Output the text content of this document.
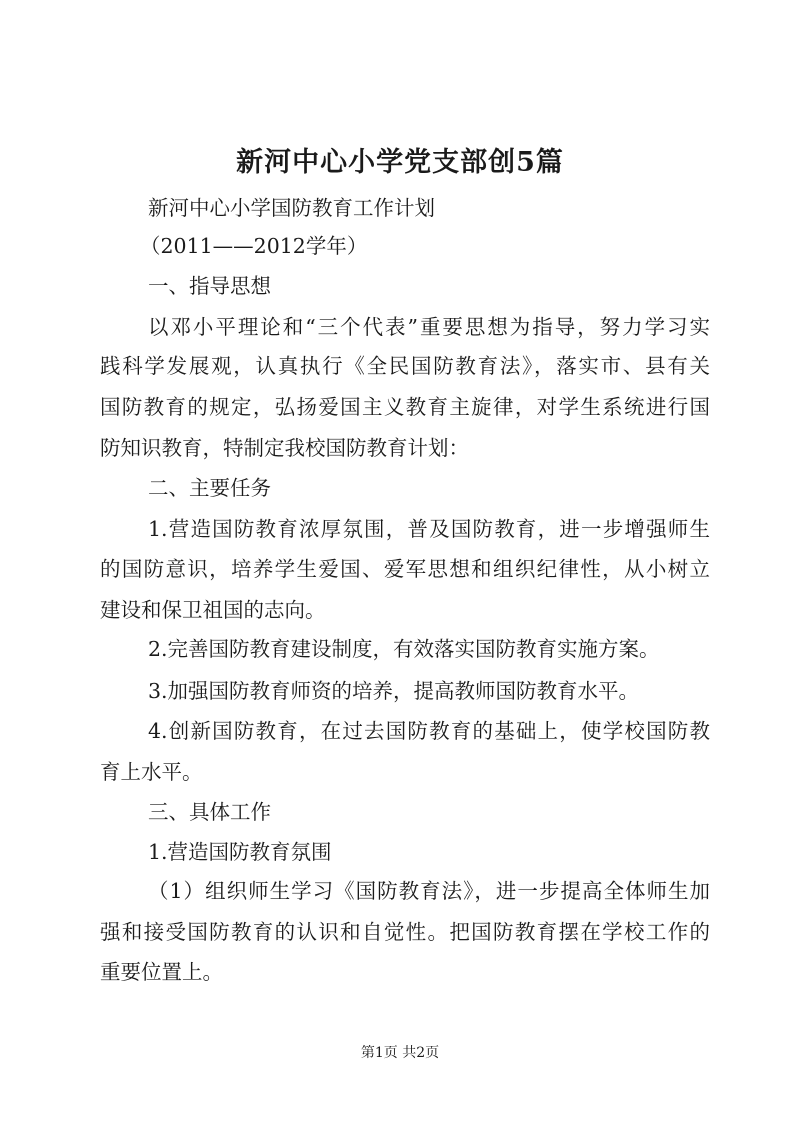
新河中心小学党支部创5篇
新河中心小学国防教育工作计划
（2011——2012学年）
一、指导思想
以邓小平理论和“三个代表”重要思想为指导，努力学习实
践科学发展观，认真执行《全民国防教育法》，落实市、县有关
国防教育的规定，弘扬爱国主义教育主旋律，对学生系统进行国
防知识教育，特制定我校国防教育计划：
二、主要任务
1.营造国防教育浓厚氛围，普及国防教育，进一步增强师生
的国防意识，培养学生爱国、爱军思想和组织纪律性，从小树立
建设和保卫祖国的志向。
2.完善国防教育建设制度，有效落实国防教育实施方案。
3.加强国防教育师资的培养，提高教师国防教育水平。
4.创新国防教育，在过去国防教育的基础上，使学校国防教
育上水平。
三、具体工作
1.营造国防教育氛围
（1）组织师生学习《国防教育法》，进一步提高全体师生加
强和接受国防教育的认识和自觉性。把国防教育摆在学校工作的
重要位置上。
第1页 共2页
